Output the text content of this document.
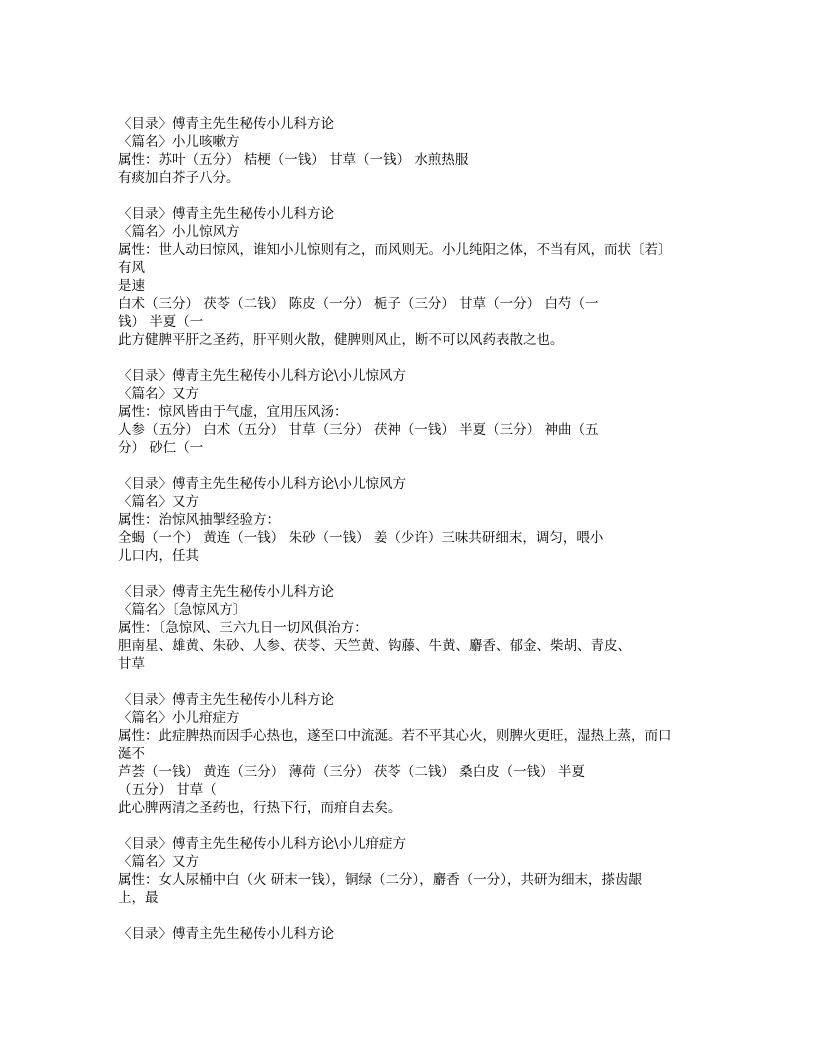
〈目录〉傅青主先生秘传小儿科方论
〈篇名〉小儿咳嗽方
属性：苏叶（五分） 桔梗（一钱） 甘草（一钱） 水煎热服
有痰加白芥子八分。
〈目录〉傅青主先生秘传小儿科方论
〈篇名〉小儿惊风方
属性：世人动曰惊风，谁知小儿惊则有之，而风则无。小儿纯阳之体，不当有风，而状〔若〕
有风
是速
白术（三分） 茯苓（二钱） 陈皮（一分） 栀子（三分） 甘草（一分） 白芍（一
钱） 半夏（一
此方健脾平肝之圣药，肝平则火散，健脾则风止，断不可以风药表散之也。
〈目录〉傅青主先生秘传小儿科方论\小儿惊风方
〈篇名〉又方
属性：惊风皆由于气虚，宜用压风汤：
人参（五分） 白术（五分） 甘草（三分） 茯神（一钱） 半夏（三分） 神曲（五
分） 砂仁（一
〈目录〉傅青主先生秘传小儿科方论\小儿惊风方
〈篇名〉又方
属性：治惊风抽掣经验方：
全蝎（一个） 黄连（一钱） 朱砂（一钱） 姜（少许）三味共研细末，调匀，喂小
儿口内，任其
〈目录〉傅青主先生秘传小儿科方论
〈篇名〉〔急惊风方〕
属性：〔急惊风、三六九日一切风俱治方：
胆南星、雄黄、朱砂、人参、茯苓、天竺黄、钩藤、牛黄、麝香、郁金、柴胡、青皮、
甘草
〈目录〉傅青主先生秘传小儿科方论
〈篇名〉小儿疳症方
属性：此症脾热而因手心热也，遂至口中流涎。若不平其心火，则脾火更旺，湿热上蒸，而口
涎不
芦荟（一钱） 黄连（三分） 薄荷（三分） 茯苓（二钱） 桑白皮（一钱） 半夏
（五分） 甘草（
此心脾两清之圣药也，行热下行，而疳自去矣。
〈目录〉傅青主先生秘传小儿科方论\小儿疳症方
〈篇名〉又方
属性：女人尿桶中白（火 研末一钱），铜绿（二分），麝香（一分），共研为细末，搽齿龈
上，最
〈目录〉傅青主先生秘传小儿科方论
